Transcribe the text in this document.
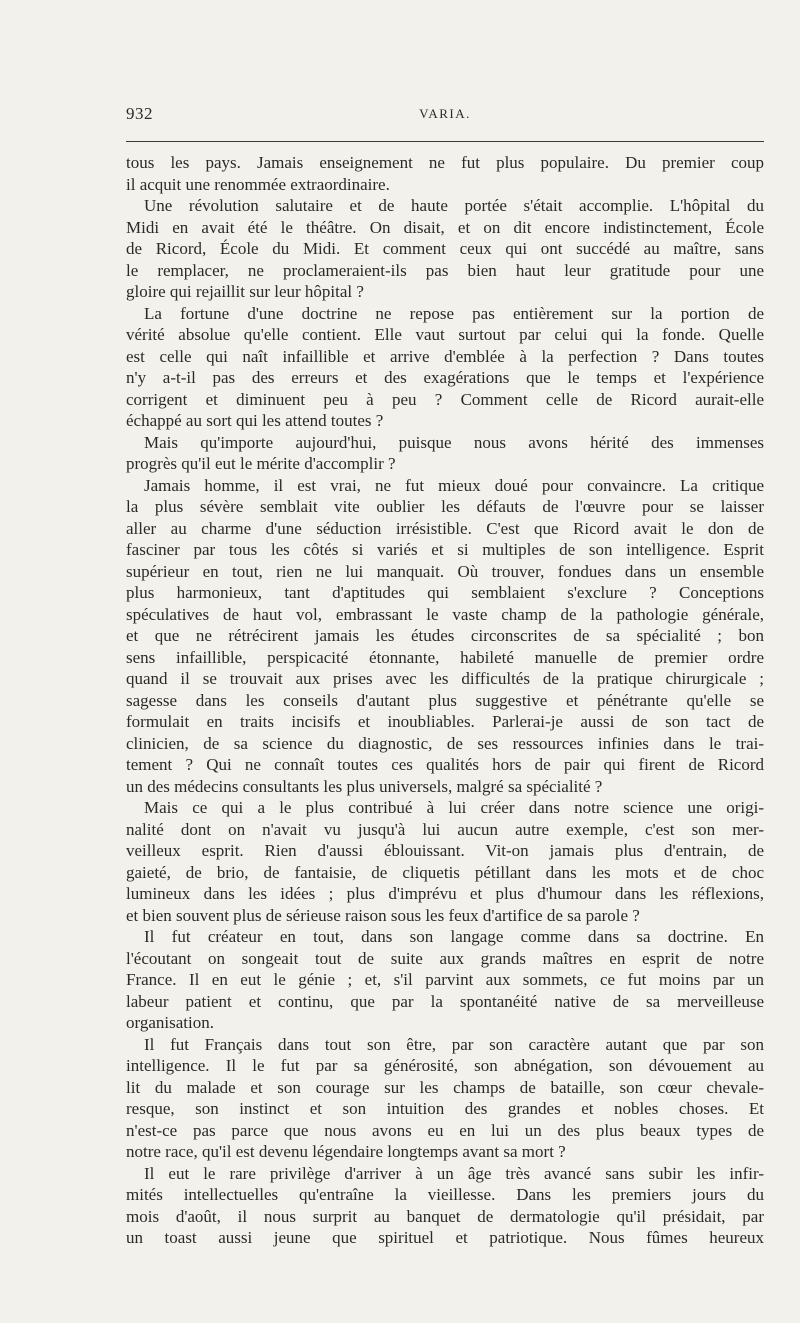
932	VARIA.
tous les pays. Jamais enseignement ne fut plus populaire. Du premier coup
il acquit une renommée extraordinaire.
Une révolution salutaire et de haute portée s'était accomplie. L'hôpital du
Midi en avait été le théâtre. On disait, et on dit encore indistinctement, École
de Ricord, École du Midi. Et comment ceux qui ont succédé au maître, sans
le remplacer, ne proclameraient-ils pas bien haut leur gratitude pour une
gloire qui rejaillit sur leur hôpital ?
La fortune d'une doctrine ne repose pas entièrement sur la portion de
vérité absolue qu'elle contient. Elle vaut surtout par celui qui la fonde. Quelle
est celle qui naît infaillible et arrive d'emblée à la perfection ? Dans toutes
n'y a-t-il pas des erreurs et des exagérations que le temps et l'expérience
corrigent et diminuent peu à peu ? Comment celle de Ricord aurait-elle
échappé au sort qui les attend toutes ?
Mais qu'importe aujourd'hui, puisque nous avons hérité des immenses
progrès qu'il eut le mérite d'accomplir ?
Jamais homme, il est vrai, ne fut mieux doué pour convaincre. La critique
la plus sévère semblait vite oublier les défauts de l'œuvre pour se laisser
aller au charme d'une séduction irrésistible. C'est que Ricord avait le don de
fasciner par tous les côtés si variés et si multiples de son intelligence. Esprit
supérieur en tout, rien ne lui manquait. Où trouver, fondues dans un ensemble
plus harmonieux, tant d'aptitudes qui semblaient s'exclure ? Conceptions
spéculatives de haut vol, embrassant le vaste champ de la pathologie générale,
et que ne rétrécirent jamais les études circonscrites de sa spécialité ; bon
sens infaillible, perspicacité étonnante, habileté manuelle de premier ordre
quand il se trouvait aux prises avec les difficultés de la pratique chirurgicale ;
sagesse dans les conseils d'autant plus suggestive et pénétrante qu'elle se
formulait en traits incisifs et inoubliables. Parlerai-je aussi de son tact de
clinicien, de sa science du diagnostic, de ses ressources infinies dans le trai-
tement ? Qui ne connaît toutes ces qualités hors de pair qui firent de Ricord
un des médecins consultants les plus universels, malgré sa spécialité ?
Mais ce qui a le plus contribué à lui créer dans notre science une origi-
nalité dont on n'avait vu jusqu'à lui aucun autre exemple, c'est son mer-
veilleux esprit. Rien d'aussi éblouissant. Vit-on jamais plus d'entrain, de
gaieté, de brio, de fantaisie, de cliquetis pétillant dans les mots et de choc
lumineux dans les idées ; plus d'imprévu et plus d'humour dans les réflexions,
et bien souvent plus de sérieuse raison sous les feux d'artifice de sa parole ?
Il fut créateur en tout, dans son langage comme dans sa doctrine. En
l'écoutant on songeait tout de suite aux grands maîtres en esprit de notre
France. Il en eut le génie ; et, s'il parvint aux sommets, ce fut moins par un
labeur patient et continu, que par la spontanéité native de sa merveilleuse
organisation.
Il fut Français dans tout son être, par son caractère autant que par son
intelligence. Il le fut par sa générosité, son abnégation, son dévouement au
lit du malade et son courage sur les champs de bataille, son cœur chevale-
resque, son instinct et son intuition des grandes et nobles choses. Et
n'est-ce pas parce que nous avons eu en lui un des plus beaux types de
notre race, qu'il est devenu légendaire longtemps avant sa mort ?
Il eut le rare privilège d'arriver à un âge très avancé sans subir les infir-
mités intellectuelles qu'entraîne la vieillesse. Dans les premiers jours du
mois d'août, il nous surprit au banquet de dermatologie qu'il présidait, par
un toast aussi jeune que spirituel et patriotique. Nous fûmes heureux
